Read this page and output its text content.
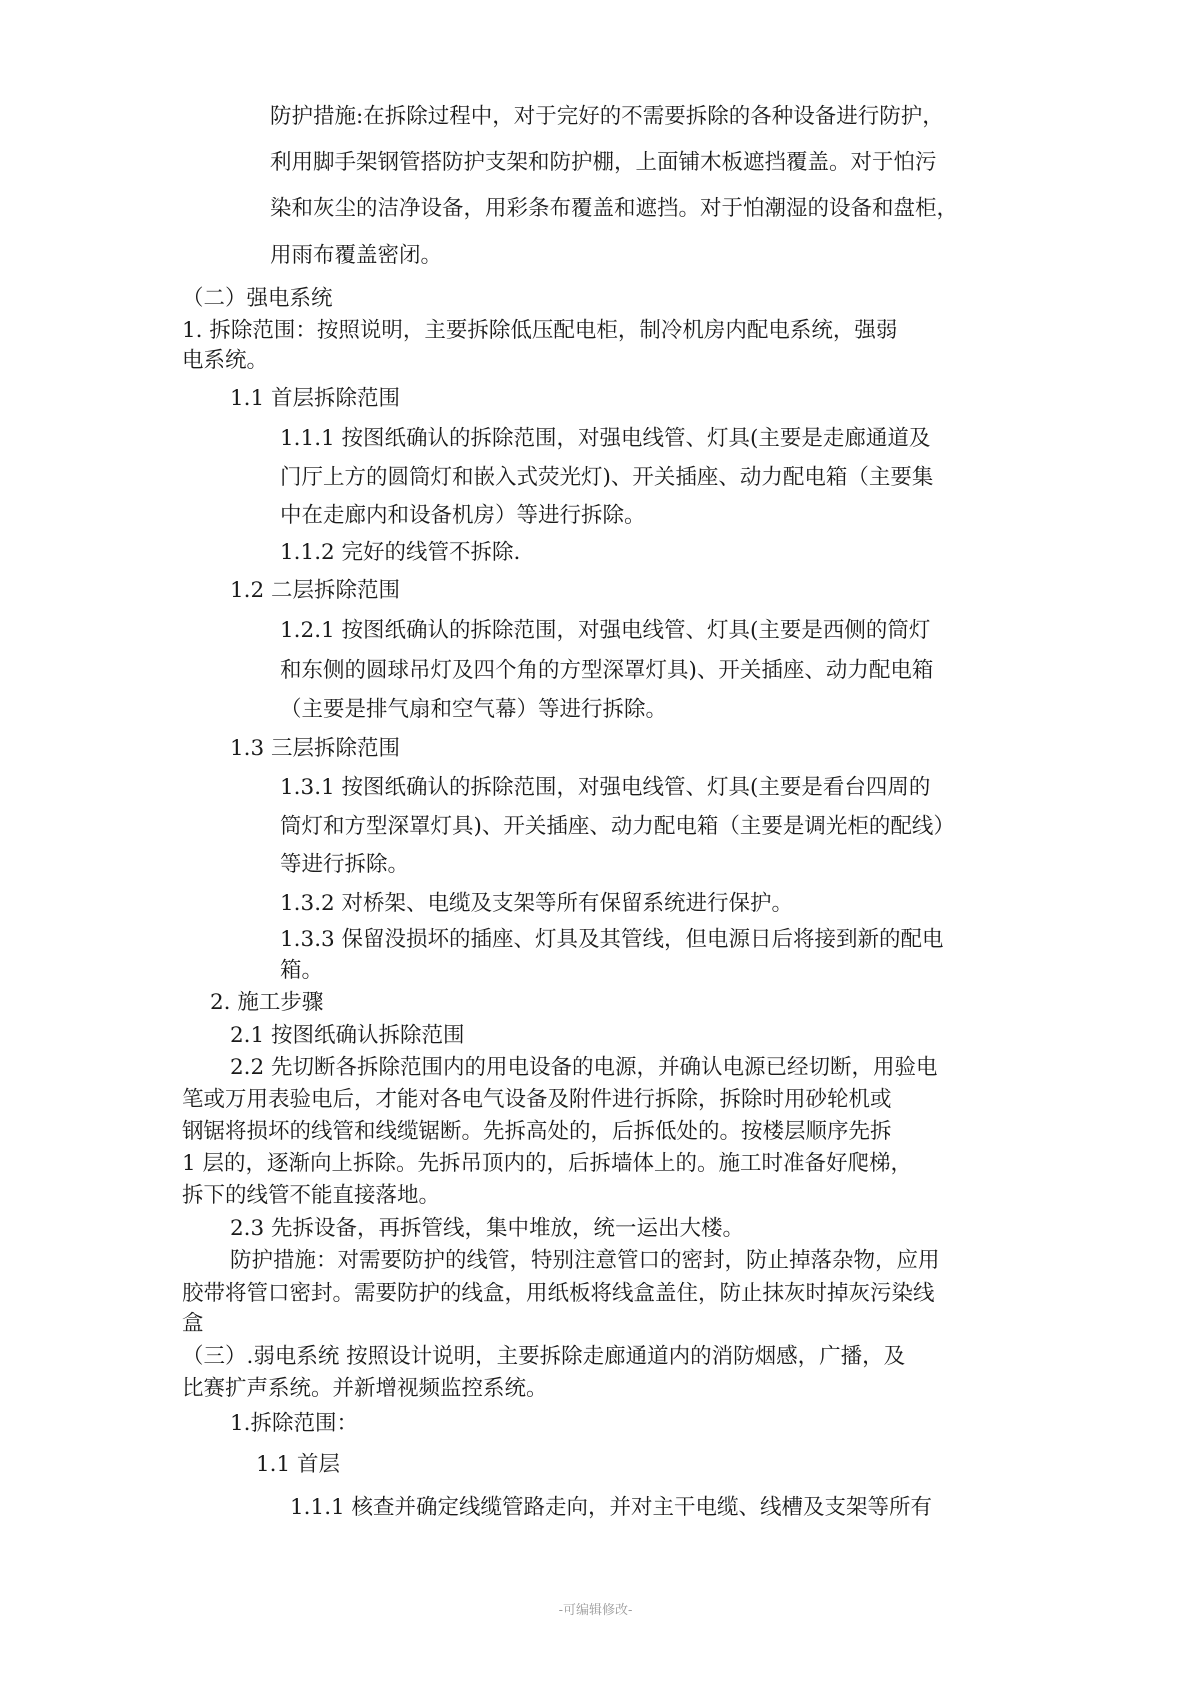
防护措施:在拆除过程中，对于完好的不需要拆除的各种设备进行防护，
利用脚手架钢管搭防护支架和防护棚，上面铺木板遮挡覆盖。对于怕污
染和灰尘的洁净设备，用彩条布覆盖和遮挡。对于怕潮湿的设备和盘柜，
用雨布覆盖密闭。
（二）强电系统
1. 拆除范围：按照说明，主要拆除低压配电柜，制冷机房内配电系统，强弱
电系统。
1.1 首层拆除范围
1.1.1 按图纸确认的拆除范围，对强电线管、灯具(主要是走廊通道及
门厅上方的圆筒灯和嵌入式荧光灯)、开关插座、动力配电箱（主要集
中在走廊内和设备机房）等进行拆除。
1.1.2 完好的线管不拆除.
1.2 二层拆除范围
1.2.1 按图纸确认的拆除范围，对强电线管、灯具(主要是西侧的筒灯
和东侧的圆球吊灯及四个角的方型深罩灯具)、开关插座、动力配电箱
（主要是排气扇和空气幕）等进行拆除。
1.3 三层拆除范围
1.3.1 按图纸确认的拆除范围，对强电线管、灯具(主要是看台四周的
筒灯和方型深罩灯具)、开关插座、动力配电箱（主要是调光柜的配线）
等进行拆除。
1.3.2 对桥架、电缆及支架等所有保留系统进行保护。
1.3.3 保留没损坏的插座、灯具及其管线，但电源日后将接到新的配电
箱。
2. 施工步骤
2.1 按图纸确认拆除范围
2.2 先切断各拆除范围内的用电设备的电源，并确认电源已经切断，用验电
笔或万用表验电后，才能对各电气设备及附件进行拆除，拆除时用砂轮机或
钢锯将损坏的线管和线缆锯断。先拆高处的，后拆低处的。按楼层顺序先拆
1 层的，逐渐向上拆除。先拆吊顶内的，后拆墙体上的。施工时准备好爬梯，
拆下的线管不能直接落地。
2.3 先拆设备，再拆管线，集中堆放，统一运出大楼。
防护措施：对需要防护的线管，特别注意管口的密封，防止掉落杂物，应用
胶带将管口密封。需要防护的线盒，用纸板将线盒盖住，防止抹灰时掉灰污染线
盒
（三）.弱电系统 按照设计说明，主要拆除走廊通道内的消防烟感，广播，及
比赛扩声系统。并新增视频监控系统。
1.拆除范围：
1.1 首层
1.1.1 核查并确定线缆管路走向，并对主干电缆、线槽及支架等所有
-可编辑修改-
